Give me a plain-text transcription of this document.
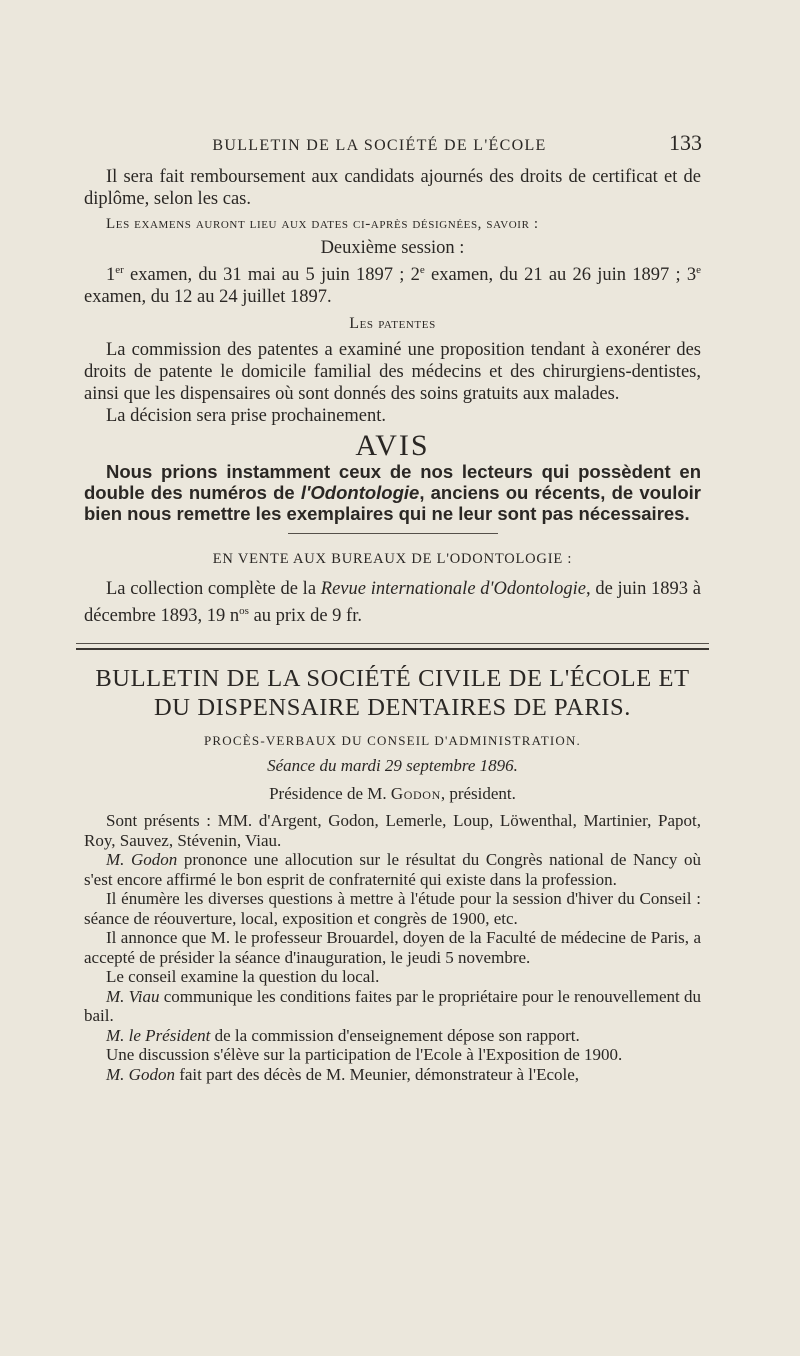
BULLETIN DE LA SOCIÉTÉ DE L'ÉCOLE	133

Il sera fait remboursement aux candidats ajournés des droits de certificat et de diplôme, selon les cas.

Les examens auront lieu aux dates ci-après désignées, savoir :

Deuxième session :

1er examen, du 31 mai au 5 juin 1897 ; 2e examen, du 21 au 26 juin 1897 ; 3e examen, du 12 au 24 juillet 1897.

Les patentes

La commission des patentes a examiné une proposition tendant à exonérer des droits de patente le domicile familial des médecins et des chirurgiens-dentistes, ainsi que les dispensaires où sont donnés des soins gratuits aux malades.

La décision sera prise prochainement.

AVIS

Nous prions instamment ceux de nos lecteurs qui possèdent en double des numéros de l'Odontologie, anciens ou récents, de vouloir bien nous remettre les exemplaires qui ne leur sont pas nécessaires.

EN VENTE AUX BUREAUX DE L'ODONTOLOGIE :

La collection complète de la Revue internationale d'Odontologie, de juin 1893 à décembre 1893, 19 $n^{os}$ au prix de 9 fr.

BULLETIN DE LA SOCIÉTÉ CIVILE DE L'ÉCOLE ET DU DISPENSAIRE DENTAIRES DE PARIS.
PROCÈS-VERBAUX DU CONSEIL D'ADMINISTRATION.
Séance du mardi 29 septembre 1896.
Présidence de M. Godon, président.

Sont présents : MM. d'Argent, Godon, Lemerle, Loup, Löwenthal, Martinier, Papot, Roy, Sauvez, Stévenin, Viau.

M. Godon prononce une allocution sur le résultat du Congrès national de Nancy où s'est encore affirmé le bon esprit de confraternité qui existe dans la profession.

Il énumère les diverses questions à mettre à l'étude pour la session d'hiver du Conseil : séance de réouverture, local, exposition et congrès de 1900, etc.

Il annonce que M. le professeur Brouardel, doyen de la Faculté de médecine de Paris, a accepté de présider la séance d'inauguration, le jeudi 5 novembre.

Le conseil examine la question du local.

M. Viau communique les conditions faites par le propriétaire pour le renouvellement du bail.

M. le Président de la commission d'enseignement dépose son rapport.

Une discussion s'élève sur la participation de l'Ecole à l'Exposition de 1900.

M. Godon fait part des décès de M. Meunier, démonstrateur à l'Ecole,
